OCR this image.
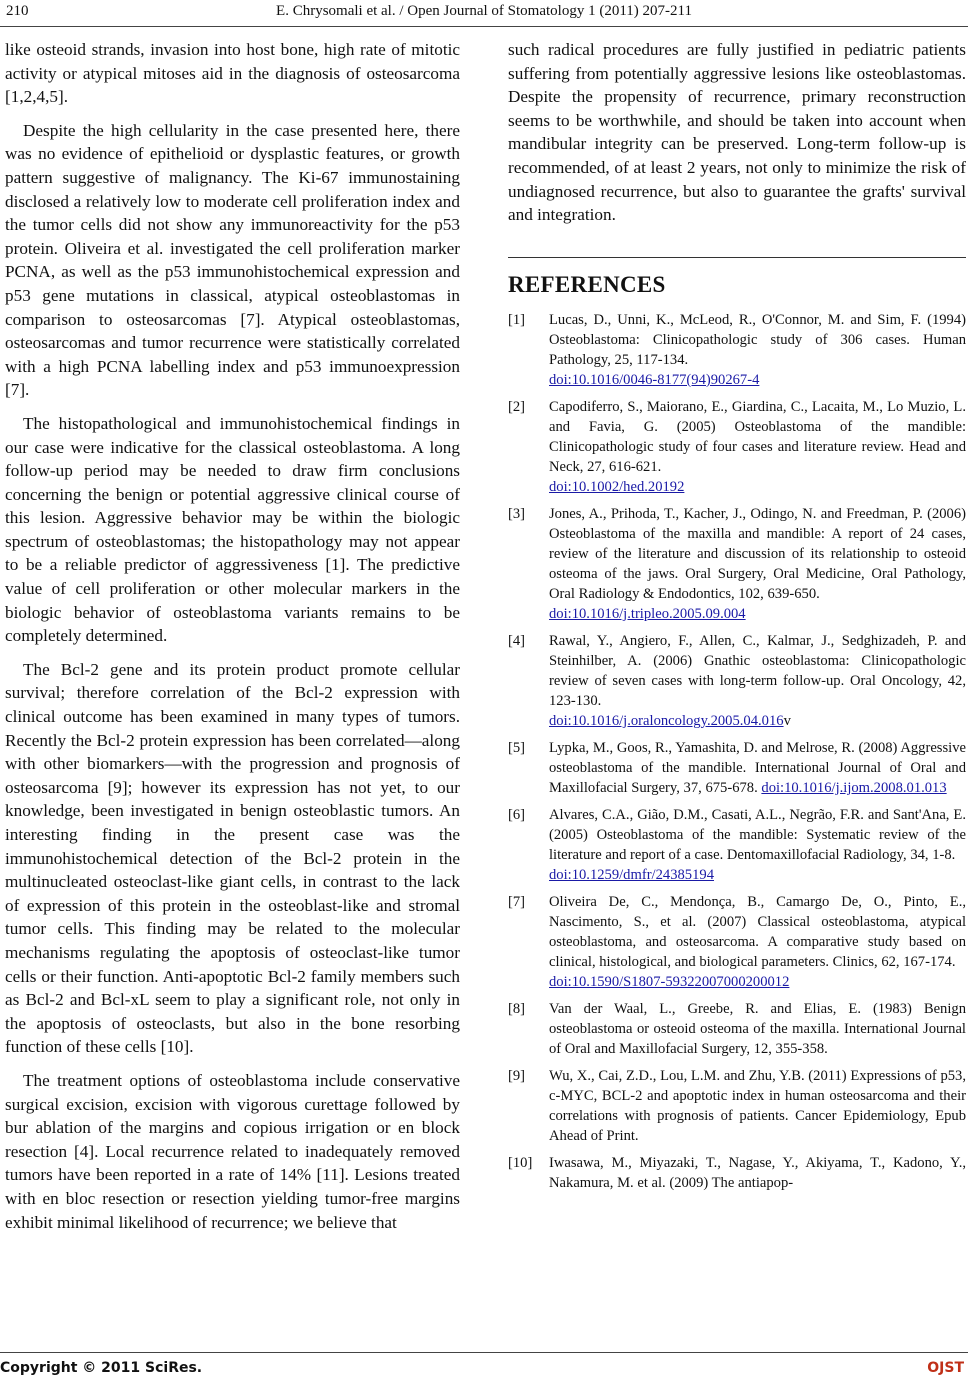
210	E. Chrysomali et al. / Open Journal of Stomatology 1 (2011) 207-211

like osteoid strands, invasion into host bone, high rate of mitotic activity or atypical mitoses aid in the diagnosis of osteosarcoma [1,2,4,5].

Despite the high cellularity in the case presented here, there was no evidence of epithelioid or dysplastic features, or growth pattern suggestive of malignancy. The Ki-67 immunostaining disclosed a relatively low to moderate cell proliferation index and the tumor cells did not show any immunoreactivity for the p53 protein. Oliveira et al. investigated the cell proliferation marker PCNA, as well as the p53 immunohistochemical expression and p53 gene mutations in classical, atypical osteoblastomas in comparison to osteosarcomas [7]. Atypical osteoblastomas, osteosarcomas and tumor recurrence were statistically correlated with a high PCNA labelling index and p53 immunoexpression [7].

The histopathological and immunohistochemical findings in our case were indicative for the classical osteoblastoma. A long follow-up period may be needed to draw firm conclusions concerning the benign or potential aggressive clinical course of this lesion. Aggressive behavior may be within the biologic spectrum of osteoblastomas; the histopathology may not appear to be a reliable predictor of aggressiveness [1]. The predictive value of cell proliferation or other molecular markers in the biologic behavior of osteoblastoma variants remains to be completely determined.

The Bcl-2 gene and its protein product promote cellular survival; therefore correlation of the Bcl-2 expression with clinical outcome has been examined in many types of tumors. Recently the Bcl-2 protein expression has been correlated—along with other biomarkers—with the progression and prognosis of osteosarcoma [9]; however its expression has not yet, to our knowledge, been investigated in benign osteoblastic tumors. An interesting finding in the present case was the immunohistochemical detection of the Bcl-2 protein in the multinucleated osteoclast-like giant cells, in contrast to the lack of expression of this protein in the osteoblast-like and stromal tumor cells. This finding may be related to the molecular mechanisms regulating the apoptosis of osteoclast-like tumor cells or their function. Anti-apoptotic Bcl-2 family members such as Bcl-2 and Bcl-xL seem to play a significant role, not only in the apoptosis of osteoclasts, but also in the bone resorbing function of these cells [10].

The treatment options of osteoblastoma include conservative surgical excision, excision with vigorous curettage followed by bur ablation of the margins and copious irrigation or en block resection [4]. Local recurrence related to inadequately removed tumors have been reported in a rate of 14% [11]. Lesions treated with en bloc resection or resection yielding tumor-free margins exhibit minimal likelihood of recurrence; we believe that

such radical procedures are fully justified in pediatric patients suffering from potentially aggressive lesions like osteoblastomas. Despite the propensity of recurrence, primary reconstruction seems to be worthwhile, and should be taken into account when mandibular integrity can be preserved. Long-term follow-up is recommended, of at least 2 years, not only to minimize the risk of undiagnosed recurrence, but also to guarantee the grafts' survival and integration.

REFERENCES
[1]	Lucas, D., Unni, K., McLeod, R., O'Connor, M. and Sim, F. (1994) Osteoblastoma: Clinicopathologic study of 306 cases. Human Pathology, 25, 117-134.
doi:10.1016/0046-8177(94)90267-4
[2]	Capodiferro, S., Maiorano, E., Giardina, C., Lacaita, M., Lo Muzio, L. and Favia, G. (2005) Osteoblastoma of the mandible: Clinicopathologic study of four cases and literature review. Head and Neck, 27, 616-621.
doi:10.1002/hed.20192
[3]	Jones, A., Prihoda, T., Kacher, J., Odingo, N. and Freedman, P. (2006) Osteoblastoma of the maxilla and mandible: A report of 24 cases, review of the literature and discussion of its relationship to osteoid osteoma of the jaws. Oral Surgery, Oral Medicine, Oral Pathology, Oral Radiology & Endodontics, 102, 639-650.
doi:10.1016/j.tripleo.2005.09.004
[4]	Rawal, Y., Angiero, F., Allen, C., Kalmar, J., Sedghizadeh, P. and Steinhilber, A. (2006) Gnathic osteoblastoma: Clinicopathologic review of seven cases with long-term follow-up. Oral Oncology, 42, 123-130.
doi:10.1016/j.oraloncology.2005.04.016v
[5]	Lypka, M., Goos, R., Yamashita, D. and Melrose, R. (2008) Aggressive osteoblastoma of the mandible. International Journal of Oral and Maxillofacial Surgery, 37, 675-678. doi:10.1016/j.ijom.2008.01.013
[6]	Alvares, C.A., Gião, D.M., Casati, A.L., Negrão, F.R. and Sant'Ana, E. (2005) Osteoblastoma of the mandible: Systematic review of the literature and report of a case. Dentomaxillofacial Radiology, 34, 1-8.
doi:10.1259/dmfr/24385194
[7]	Oliveira De, C., Mendonça, B., Camargo De, O., Pinto, E., Nascimento, S., et al. (2007) Classical osteoblastoma, atypical osteoblastoma, and osteosarcoma. A comparative study based on clinical, histological, and biological parameters. Clinics, 62, 167-174.
doi:10.1590/S1807-59322007000200012
[8]	Van der Waal, L., Greebe, R. and Elias, E. (1983) Benign osteoblastoma or osteoid osteoma of the maxilla. International Journal of Oral and Maxillofacial Surgery, 12, 355-358.
[9]	Wu, X., Cai, Z.D., Lou, L.M. and Zhu, Y.B. (2011) Expressions of p53, c-MYC, BCL-2 and apoptotic index in human osteosarcoma and their correlations with prognosis of patients. Cancer Epidemiology, Epub Ahead of Print.
[10]	Iwasawa, M., Miyazaki, T., Nagase, Y., Akiyama, T., Kadono, Y., Nakamura, M. et al. (2009) The antiapop-
Copyright © 2011 SciRes.	OJST
